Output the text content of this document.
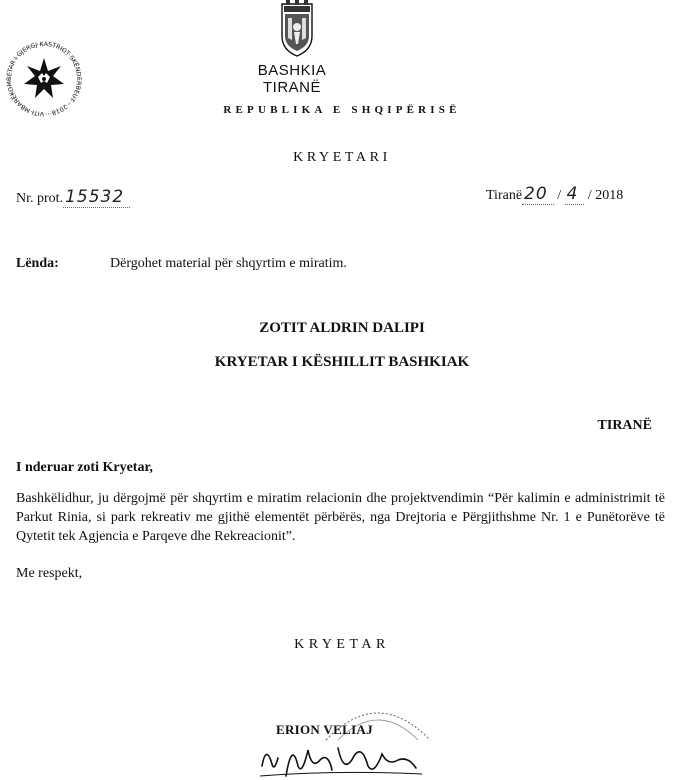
VITI MBARËKOMBËTAR I GJERGJ KASTRIOT SKËNDERBEUT · 2018 ·
BASHKIA
TIRANË
REPUBLIKA E SHQIPËRISË
KRYETARI
Nr. prot. 15532	Tiranë 20 / 4 / 2018
Lënda:	Dërgohet material për shqyrtim e miratim.
ZOTIT ALDRIN DALIPI
KRYETAR I KËSHILLIT BASHKIAK
TIRANË
I nderuar zoti Kryetar,
Bashkëlidhur, ju dërgojmë për shqyrtim e miratim relacionin dhe projektvendimin “Për kalimin e administrimit të Parkut Rinia, si park rekreativ me gjithë elementët përbërës, nga Drejtoria e Përgjithshme Nr. 1 e Punëtorëve të Qytetit tek Agjencia e Parqeve dhe Rekreacionit”.
Me respekt,
KRYETAR
ERION VELIAJ
